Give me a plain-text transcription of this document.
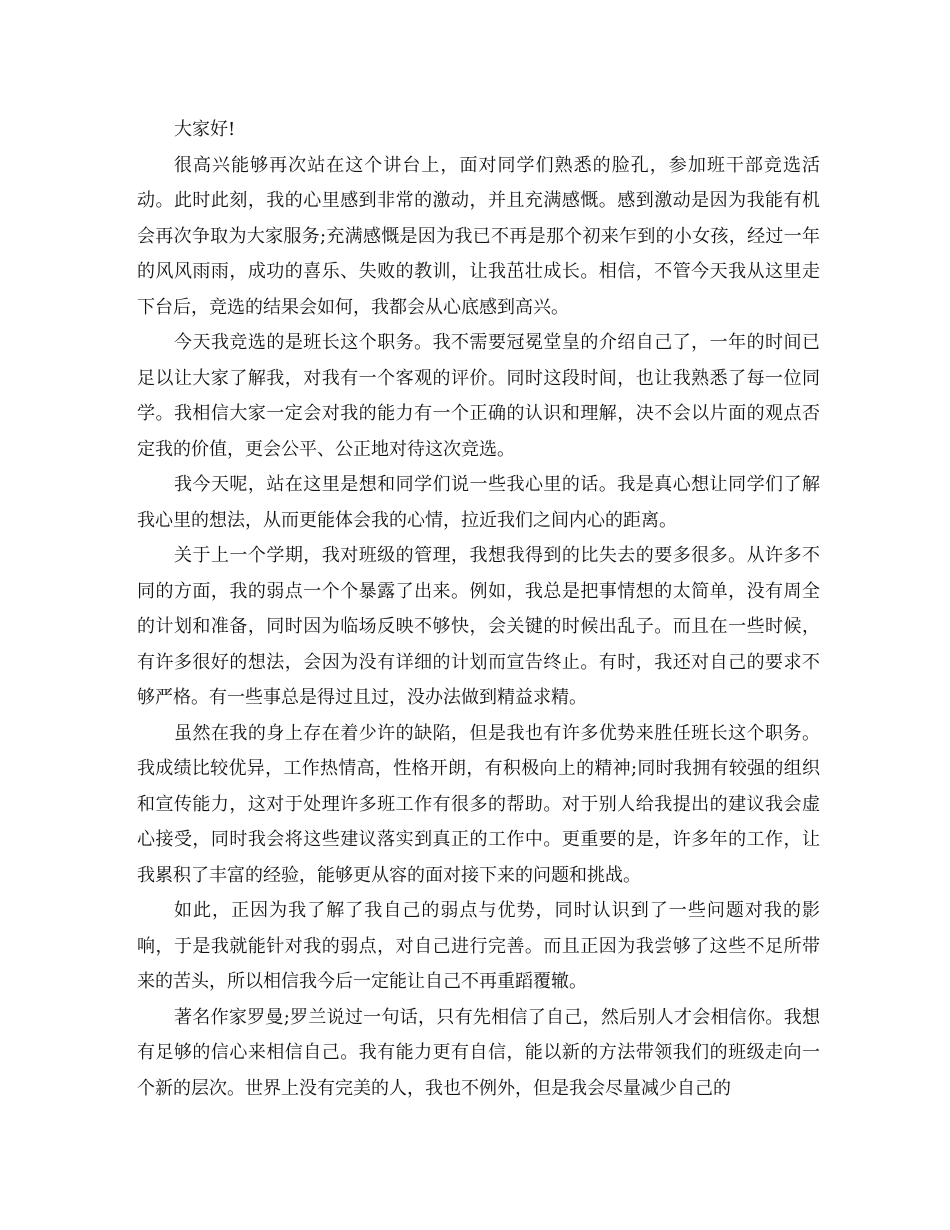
大家好!

很高兴能够再次站在这个讲台上，面对同学们熟悉的脸孔，参加班干部竞选活动。此时此刻，我的心里感到非常的激动，并且充满感慨。感到激动是因为我能有机会再次争取为大家服务;充满感慨是因为我已不再是那个初来乍到的小女孩，经过一年的风风雨雨，成功的喜乐、失败的教训，让我茁壮成长。相信，不管今天我从这里走下台后，竞选的结果会如何，我都会从心底感到高兴。

今天我竞选的是班长这个职务。我不需要冠冕堂皇的介绍自己了，一年的时间已足以让大家了解我，对我有一个客观的评价。同时这段时间，也让我熟悉了每一位同学。我相信大家一定会对我的能力有一个正确的认识和理解，决不会以片面的观点否定我的价值，更会公平、公正地对待这次竞选。

我今天呢，站在这里是想和同学们说一些我心里的话。我是真心想让同学们了解我心里的想法，从而更能体会我的心情，拉近我们之间内心的距离。

关于上一个学期，我对班级的管理，我想我得到的比失去的要多很多。从许多不同的方面，我的弱点一个个暴露了出来。例如，我总是把事情想的太简单，没有周全的计划和准备，同时因为临场反映不够快，会关键的时候出乱子。而且在一些时候，有许多很好的想法，会因为没有详细的计划而宣告终止。有时，我还对自己的要求不够严格。有一些事总是得过且过，没办法做到精益求精。

虽然在我的身上存在着少许的缺陷，但是我也有许多优势来胜任班长这个职务。我成绩比较优异，工作热情高，性格开朗，有积极向上的精神;同时我拥有较强的组织和宣传能力，这对于处理许多班工作有很多的帮助。对于别人给我提出的建议我会虚心接受，同时我会将这些建议落实到真正的工作中。更重要的是，许多年的工作，让我累积了丰富的经验，能够更从容的面对接下来的问题和挑战。

如此，正因为我了解了我自己的弱点与优势，同时认识到了一些问题对我的影响，于是我就能针对我的弱点，对自己进行完善。而且正因为我尝够了这些不足所带来的苦头，所以相信我今后一定能让自己不再重蹈覆辙。

著名作家罗曼;罗兰说过一句话，只有先相信了自己，然后别人才会相信你。我想有足够的信心来相信自己。我有能力更有自信，能以新的方法带领我们的班级走向一个新的层次。世界上没有完美的人，我也不例外，但是我会尽量减少自己的
